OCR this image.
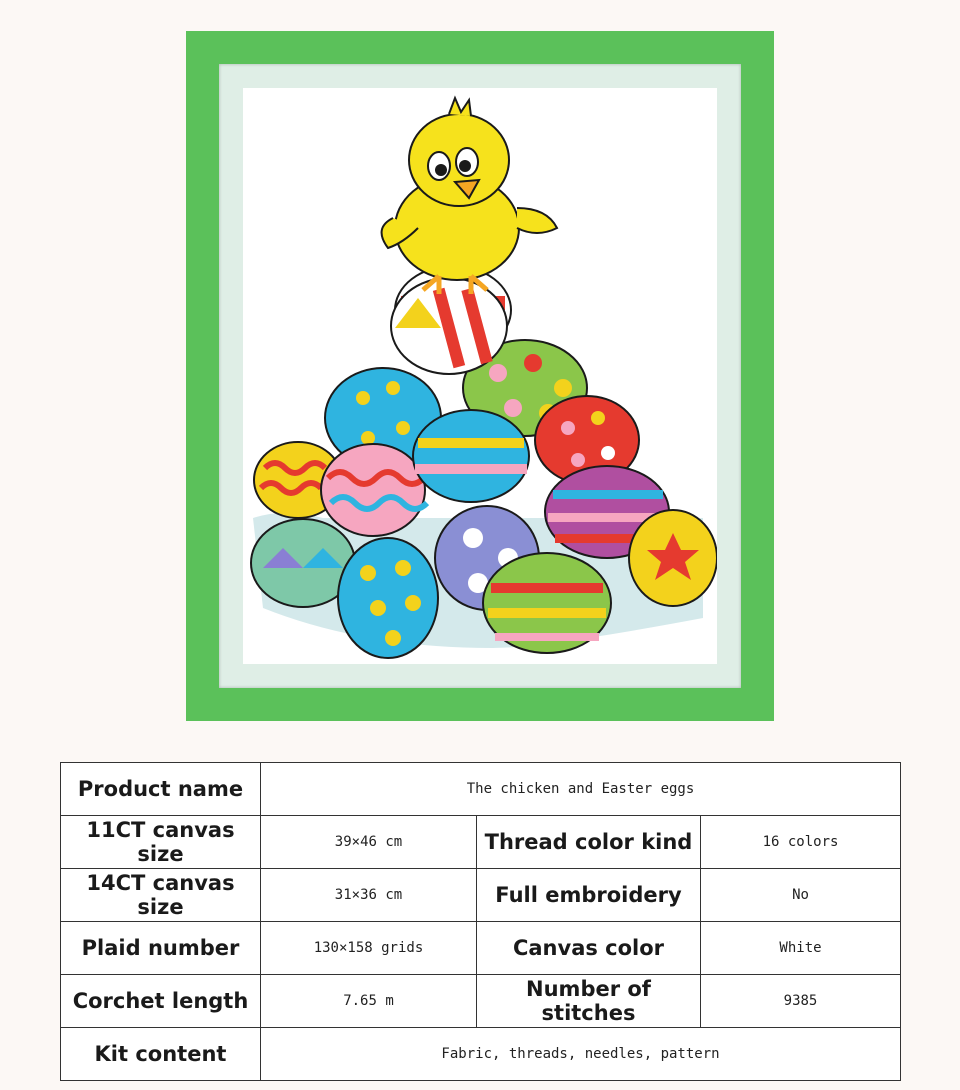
Product name	The chicken and Easter eggs		
11CT canvas size	39×46 cm	Thread color kind	16 colors
14CT canvas size	31×36 cm	Full embroidery	No
Plaid number	130×158 grids	Canvas color	White
Corchet length	7.65 m	Number of stitches	9385
Kit content	Fabric, threads, needles, pattern		
